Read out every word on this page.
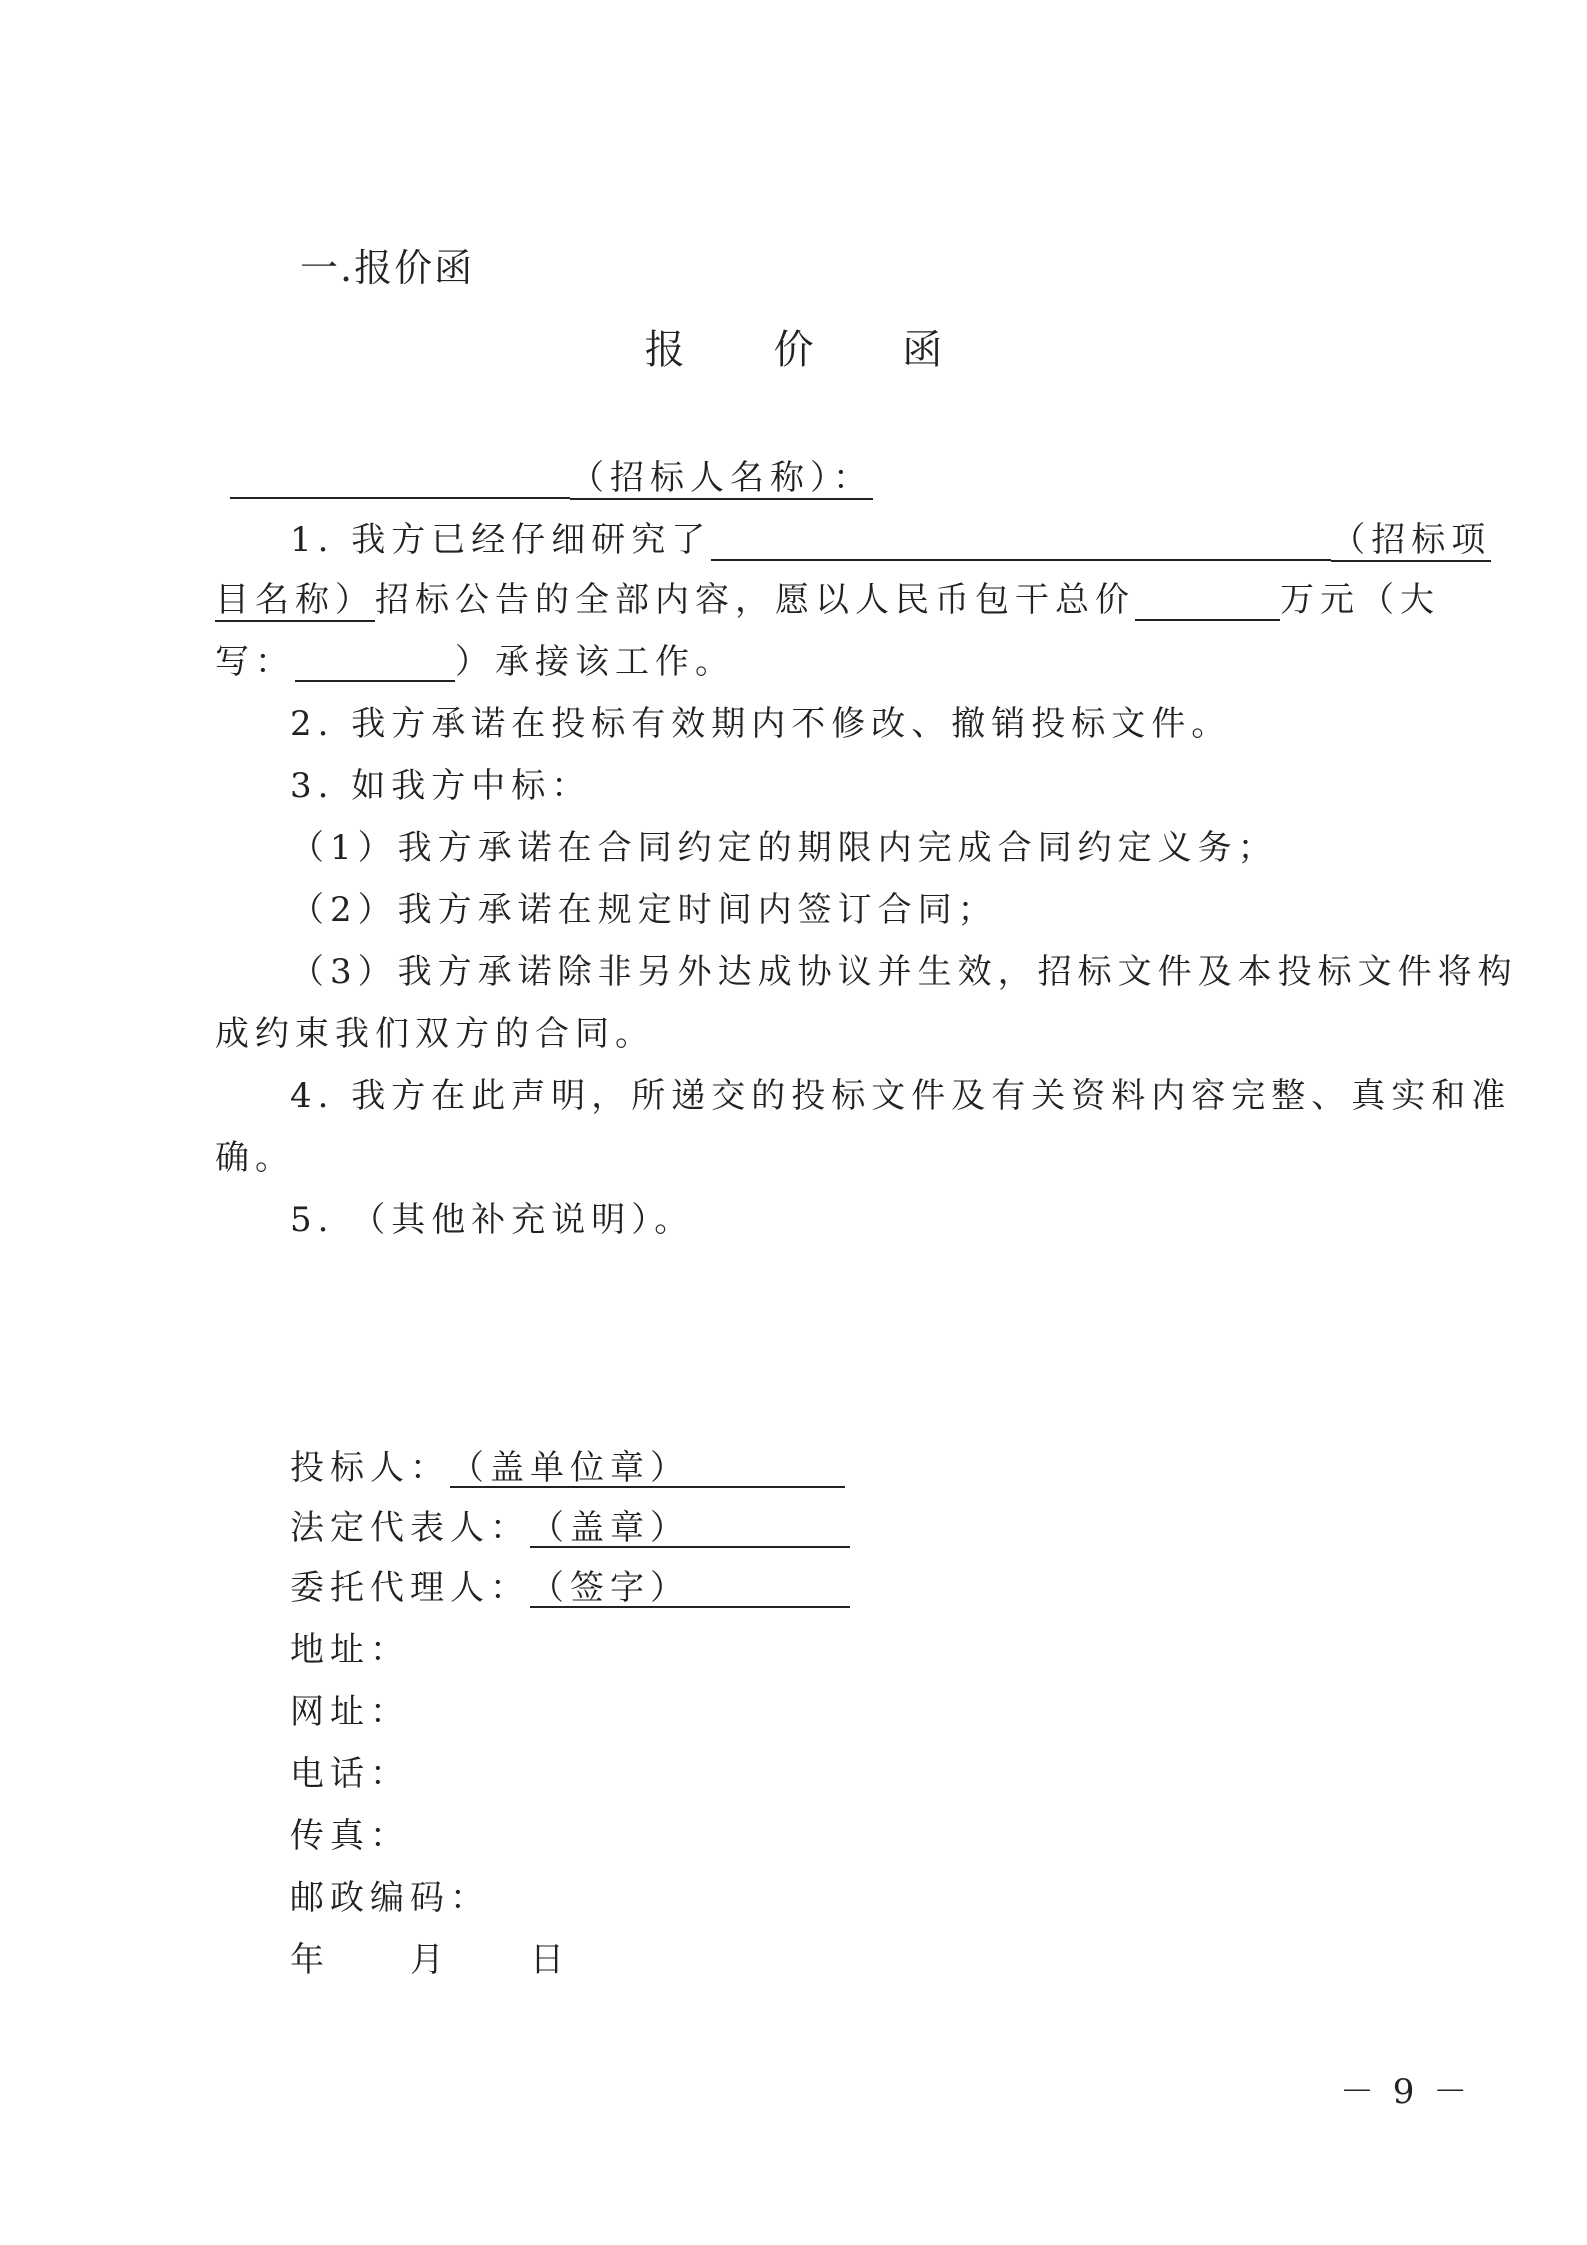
一.报价函
报 价 函
（招标人名称）：
1. 我方已经仔细研究了	（招标项
目名称）招标公告的全部内容，愿以人民币包干总价	万元（大
写：	）承接该工作。
2. 我方承诺在投标有效期内不修改、撤销投标文件。
3. 如我方中标：
（1）我方承诺在合同约定的期限内完成合同约定义务；
（2）我方承诺在规定时间内签订合同；
（3）我方承诺除非另外达成协议并生效，招标文件及本投标文件将构
成约束我们双方的合同。
4. 我方在此声明，所递交的投标文件及有关资料内容完整、真实和准
确。
5. （其他补充说明）。
投标人：（盖单位章）
法定代表人：（盖章）
委托代理人：（签字）
地址：
网址：
电话：
传真：
邮政编码：
年　　月　　日
－ 9 －
